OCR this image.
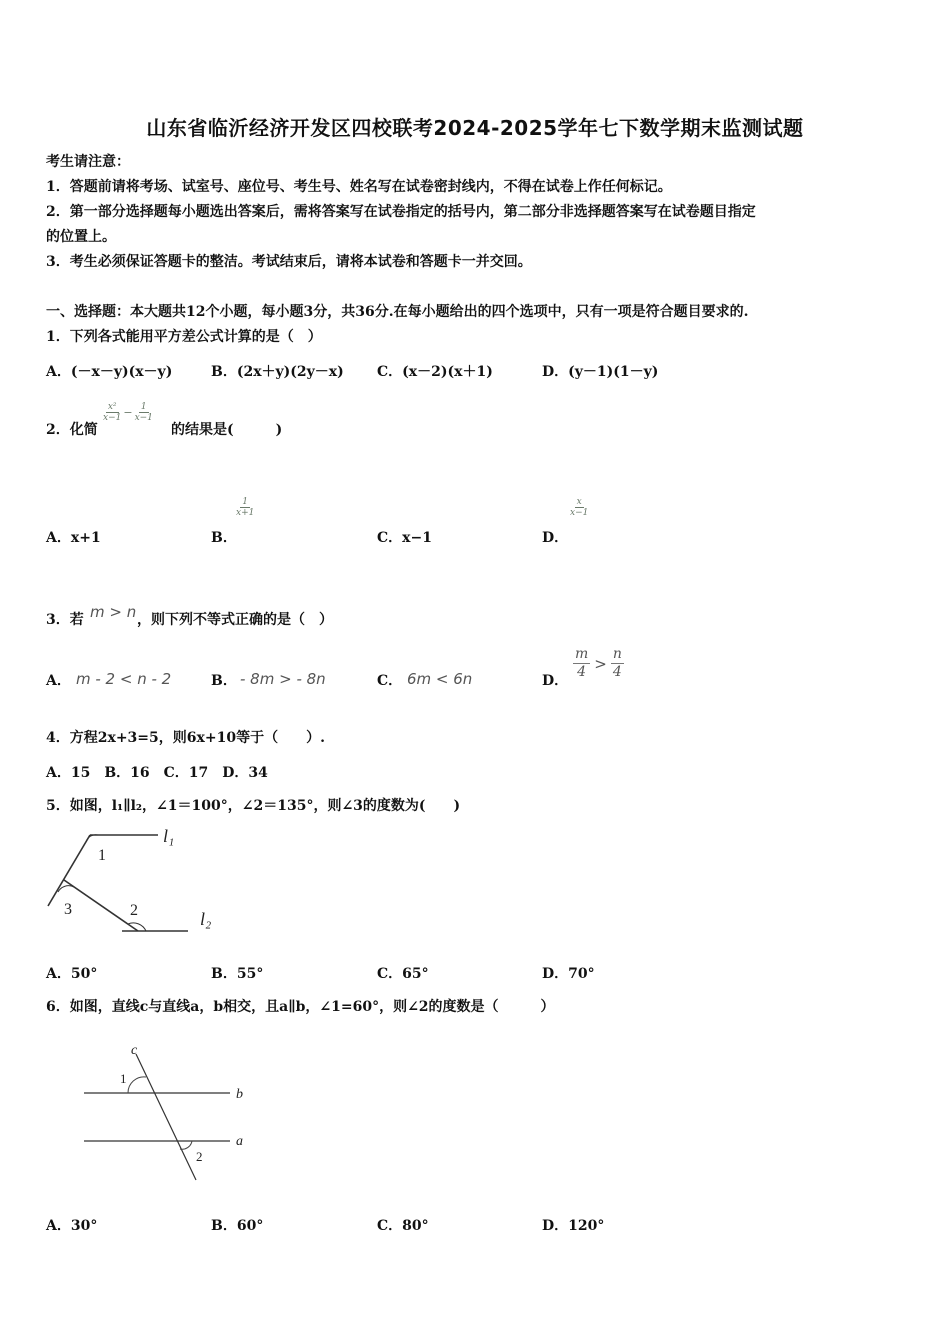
山东省临沂经济开发区四校联考2024-2025学年七下数学期末监测试题
考生请注意：
1．答题前请将考场、试室号、座位号、考生号、姓名写在试卷密封线内，不得在试卷上作任何标记。
2．第一部分选择题每小题选出答案后，需将答案写在试卷指定的括号内，第二部分非选择题答案写在试卷题目指定
的位置上。
3．考生必须保证答题卡的整洁。考试结束后，请将本试卷和答题卡一并交回。
一、选择题：本大题共12个小题，每小题3分，共36分.在每小题给出的四个选项中，只有一项是符合题目要求的.
1．下列各式能用平方差公式计算的是（　）
A．(－x－y)(x－y)	B．(2x＋y)(2y－x) C．(x－2)(x＋1)	D．(y－1)(1－y)
2．化简
$\frac{\text{x²}}{x-1} - \frac{1}{x-1}$
的结果是(　　　)
A．x+1	B．
$\frac{1}{x+1}$
C．x−1	D．
$\frac{x}{x-1}$
3．若 m > n ，则下列不等式正确的是（　）
A． m - 2 < n - 2	B． - 8m > - 8n	C． 6m < 6n	D． $\frac{m}{4} > \frac{n}{4}$
4．方程2x+3=5，则6x+10等于（　　）.
A．15　B．16　C．17　D．34
5．如图，l₁∥l₂，∠1＝100°，∠2＝135°，则∠3的度数为(　　)
1
3	2
l₁
l₂
A．50°	B．55°	C．65°	D．70°
6．如图，直线c与直线a，b相交，且a∥b，∠1=60°，则∠2的度数是（　　　）
c
1
b
a
2
A．30°	B．60°	C．80°	D．120°
